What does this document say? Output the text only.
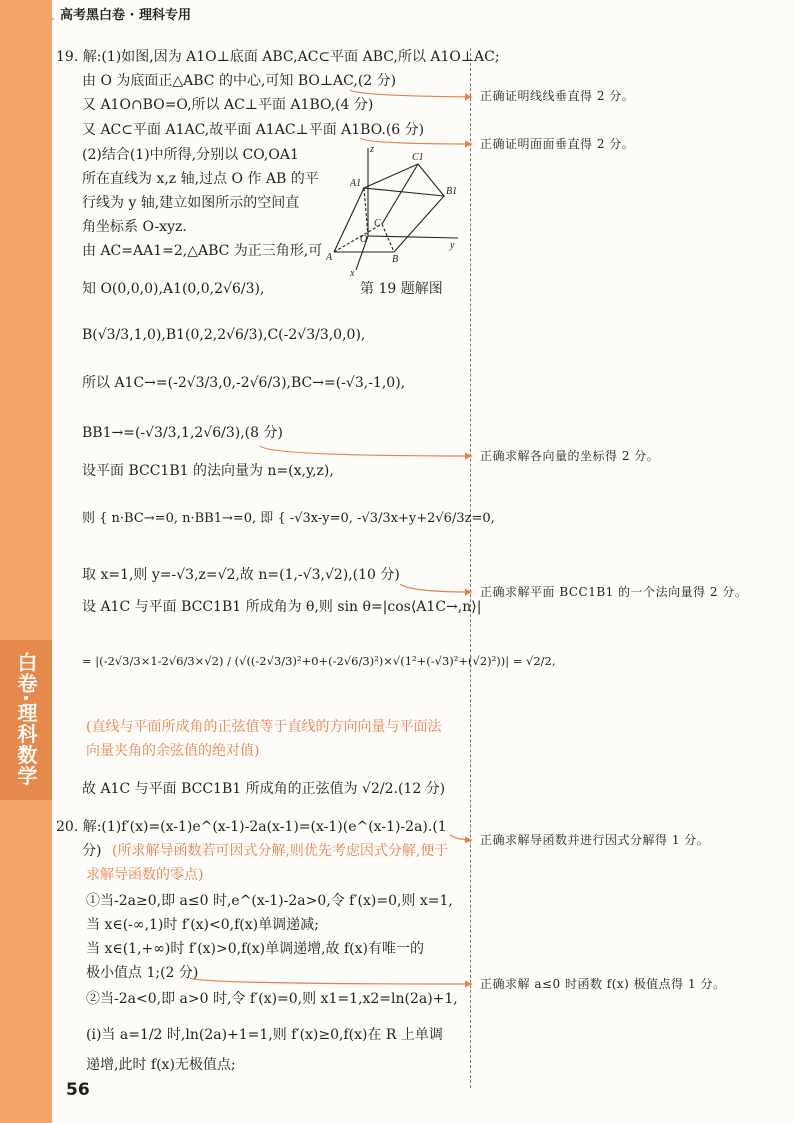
高考黑白卷 · 理科专用
白卷·理科数学
56
19. 解:(1)如图,因为 A1O⊥底面 ABC,AC⊂平面 ABC,所以 A1O⊥AC;
由 O 为底面正△ABC 的中心,可知 BO⊥AC,(2 分)
又 A1O∩BO=O,所以 AC⊥平面 A1BO,(4 分)
又 AC⊂平面 A1AC,故平面 A1AC⊥平面 A1BO.(6 分)
(2)结合(1)中所得,分别以 CO,OA1
所在直线为 x,z 轴,过点 O 作 AB 的平
行线为 y 轴,建立如图所示的空间直
角坐标系 O-xyz.
由 AC=AA1=2,△ABC 为正三角形,可
知 O(0,0,0),A1(0,0,2√6/3),
B(√3/3,1,0),B1(0,2,2√6/3),C(-2√3/3,0,0),
所以 A1C→=(-2√3/3,0,-2√6/3),BC→=(-√3,-1,0),
BB1→=(-√3/3,1,2√6/3),(8 分)
设平面 BCC1B1 的法向量为 n=(x,y,z),
则 { n·BC→=0, n·BB1→=0, 即 { -√3x-y=0, -√3/3x+y+2√6/3z=0,
取 x=1,则 y=-√3,z=√2,故 n=(1,-√3,√2),(10 分)
设 A1C 与平面 BCC1B1 所成角为 θ,则 sin θ=|cos⟨A1C→,n⟩|
= |(-2√3/3×1-2√6/3×√2) / (√((-2√3/3)²+0+(-2√6/3)²)×√(1²+(-√3)²+(√2)²))| = √2/2,
(直线与平面所成角的正弦值等于直线的方向向量与平面法
向量夹角的余弦值的绝对值)
故 A1C 与平面 BCC1B1 所成角的正弦值为 √2/2.(12 分)
20. 解:(1)f′(x)=(x-1)e^(x-1)-2a(x-1)=(x-1)(e^(x-1)-2a).(1
分) (所求解导函数若可因式分解,则优先考虑因式分解,便于
求解导函数的零点)
①当-2a≥0,即 a≤0 时,e^(x-1)-2a>0,令 f′(x)=0,则 x=1,
当 x∈(-∞,1)时 f′(x)<0,f(x)单调递减;
当 x∈(1,+∞)时 f′(x)>0,f(x)单调递增,故 f(x)有唯一的
极小值点 1;(2 分)
②当-2a<0,即 a>0 时,令 f′(x)=0,则 x1=1,x2=ln(2a)+1,
(ⅰ)当 a=1/2 时,ln(2a)+1=1,则 f′(x)≥0,f(x)在 R 上单调
递增,此时 f(x)无极值点;
正确证明线线垂直得 2 分。
正确证明面面垂直得 2 分。
正确求解各向量的坐标得 2 分。
正确求解平面 BCC1B1 的一个法向量得 2 分。
正确求解导函数并进行因式分解得 1 分。
正确求解 a≤0 时函数 f(x) 极值点得 1 分。
z
C1
A1
B1
C
O
A	B
x
y
第 19 题解图
